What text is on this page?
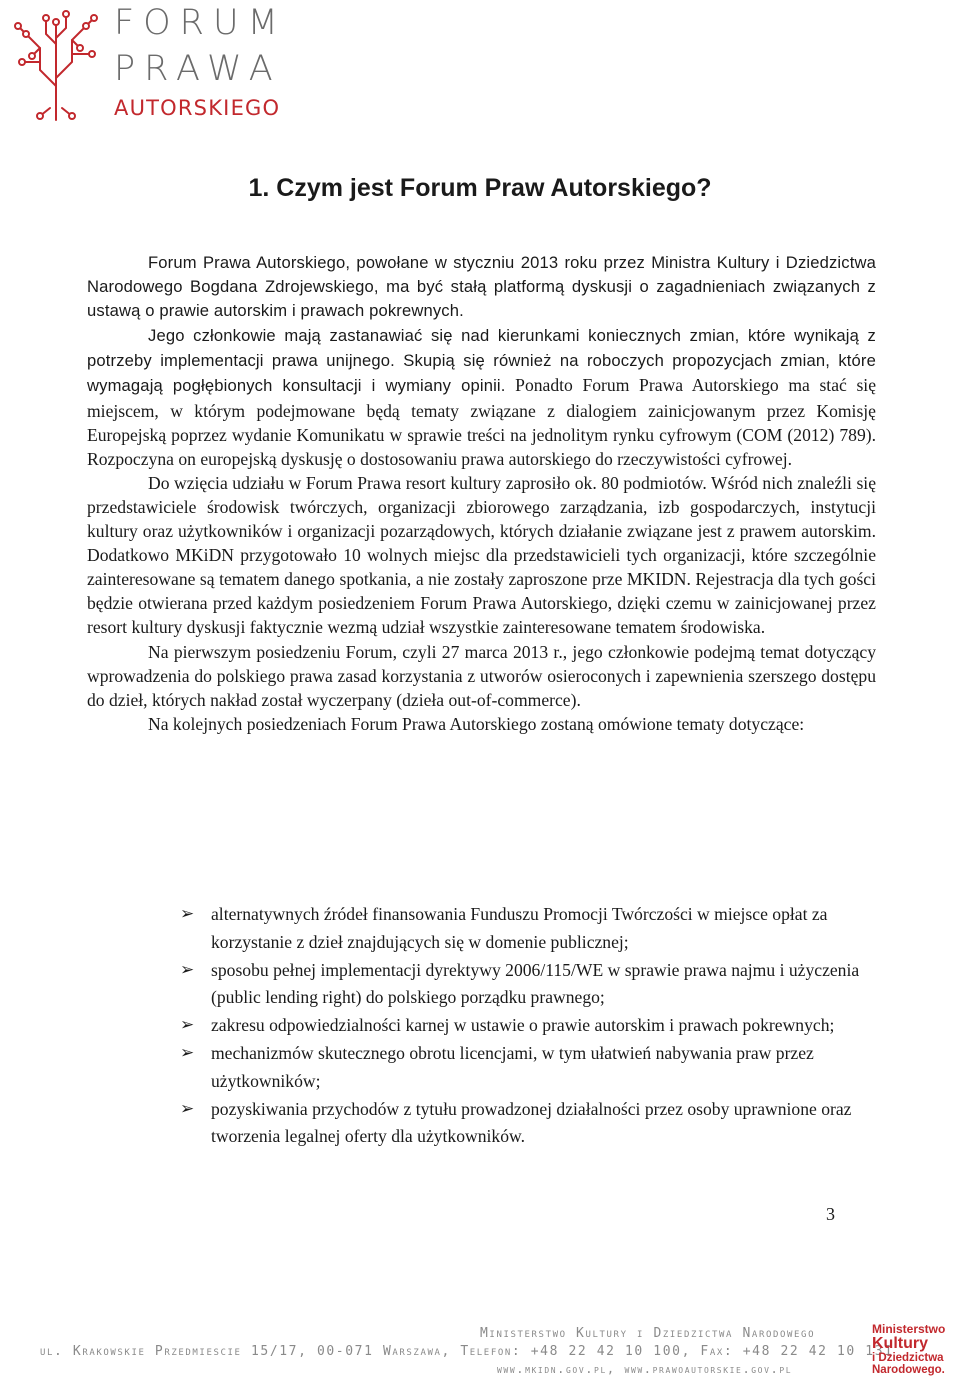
FORUM
PRAWA
AUTORSKIEGO
1. Czym jest Forum Praw Autorskiego?

Forum Prawa Autorskiego, powołane w styczniu 2013 roku przez Ministra Kultury i Dziedzictwa Narodowego Bogdana Zdrojewskiego, ma być stałą platformą dyskusji o zagadnieniach związanych z ustawą o prawie autorskim i prawach pokrewnych.

Jego członkowie mają zastanawiać się nad kierunkami koniecznych zmian, które wynikają z potrzeby implementacji prawa unijnego. Skupią się również na roboczych propozycjach zmian, które wymagają pogłębionych konsultacji i wymiany opinii. Ponadto Forum Prawa Autorskiego ma stać się miejscem, w którym podejmowane będą tematy związane z dialogiem zainicjowanym przez Komisję Europejską poprzez wydanie Komunikatu w sprawie treści na jednolitym rynku cyfrowym (COM (2012) 789). Rozpoczyna on europejską dyskusję o dostosowaniu prawa autorskiego do rzeczywistości cyfrowej.

Do wzięcia udziału w Forum Prawa resort kultury zaprosiło ok. 80 podmiotów. Wśród nich znaleźli się przedstawiciele środowisk twórczych, organizacji zbiorowego zarządzania, izb gospodarczych, instytucji kultury oraz użytkowników i organizacji pozarządowych, których działanie związane jest z prawem autorskim. Dodatkowo MKiDN przygotowało 10 wolnych miejsc dla przedstawicieli tych organizacji, które szczególnie zainteresowane są tematem danego spotkania, a nie zostały zaproszone prze MKIDN. Rejestracja dla tych gości będzie otwierana przed każdym posiedzeniem Forum Prawa Autorskiego, dzięki czemu w zainicjowanej przez resort kultury dyskusji faktycznie wezmą udział wszystkie zainteresowane tematem środowiska.

Na pierwszym posiedzeniu Forum, czyli 27 marca 2013 r., jego członkowie podejmą temat dotyczący wprowadzenia do polskiego prawa zasad korzystania z utworów osieroconych i zapewnienia szerszego dostępu do dzieł, których nakład został wyczerpany (dzieła out-of-commerce).

Na kolejnych posiedzeniach Forum Prawa Autorskiego zostaną omówione tematy dotyczące:

➢ alternatywnych źródeł finansowania Funduszu Promocji Twórczości w miejsce opłat za korzystanie z dzieł znajdujących się w domenie publicznej;
➢ sposobu pełnej implementacji dyrektywy 2006/115/WE w sprawie prawa najmu i użyczenia (public lending right) do polskiego porządku prawnego;
➢ zakresu odpowiedzialności karnej w ustawie o prawie autorskim i prawach pokrewnych;
➢ mechanizmów skutecznego obrotu licencjami, w tym ułatwień nabywania praw przez użytkowników;
➢ pozyskiwania przychodów z tytułu prowadzonej działalności przez osoby uprawnione oraz tworzenia legalnej oferty dla użytkowników.
3
Ministerstwo Kultury i Dziedzictwa Narodowego
ul. Krakowskie Przedmiescie 15/17, 00-071 Warszawa, Telefon: +48 22 42 10 100, Fax: +48 22 42 10 131
www.mkidn.gov.pl, www.prawoautorskie.gov.pl
Ministerstwo
Kultury
i Dziedzictwa
Narodowego.
